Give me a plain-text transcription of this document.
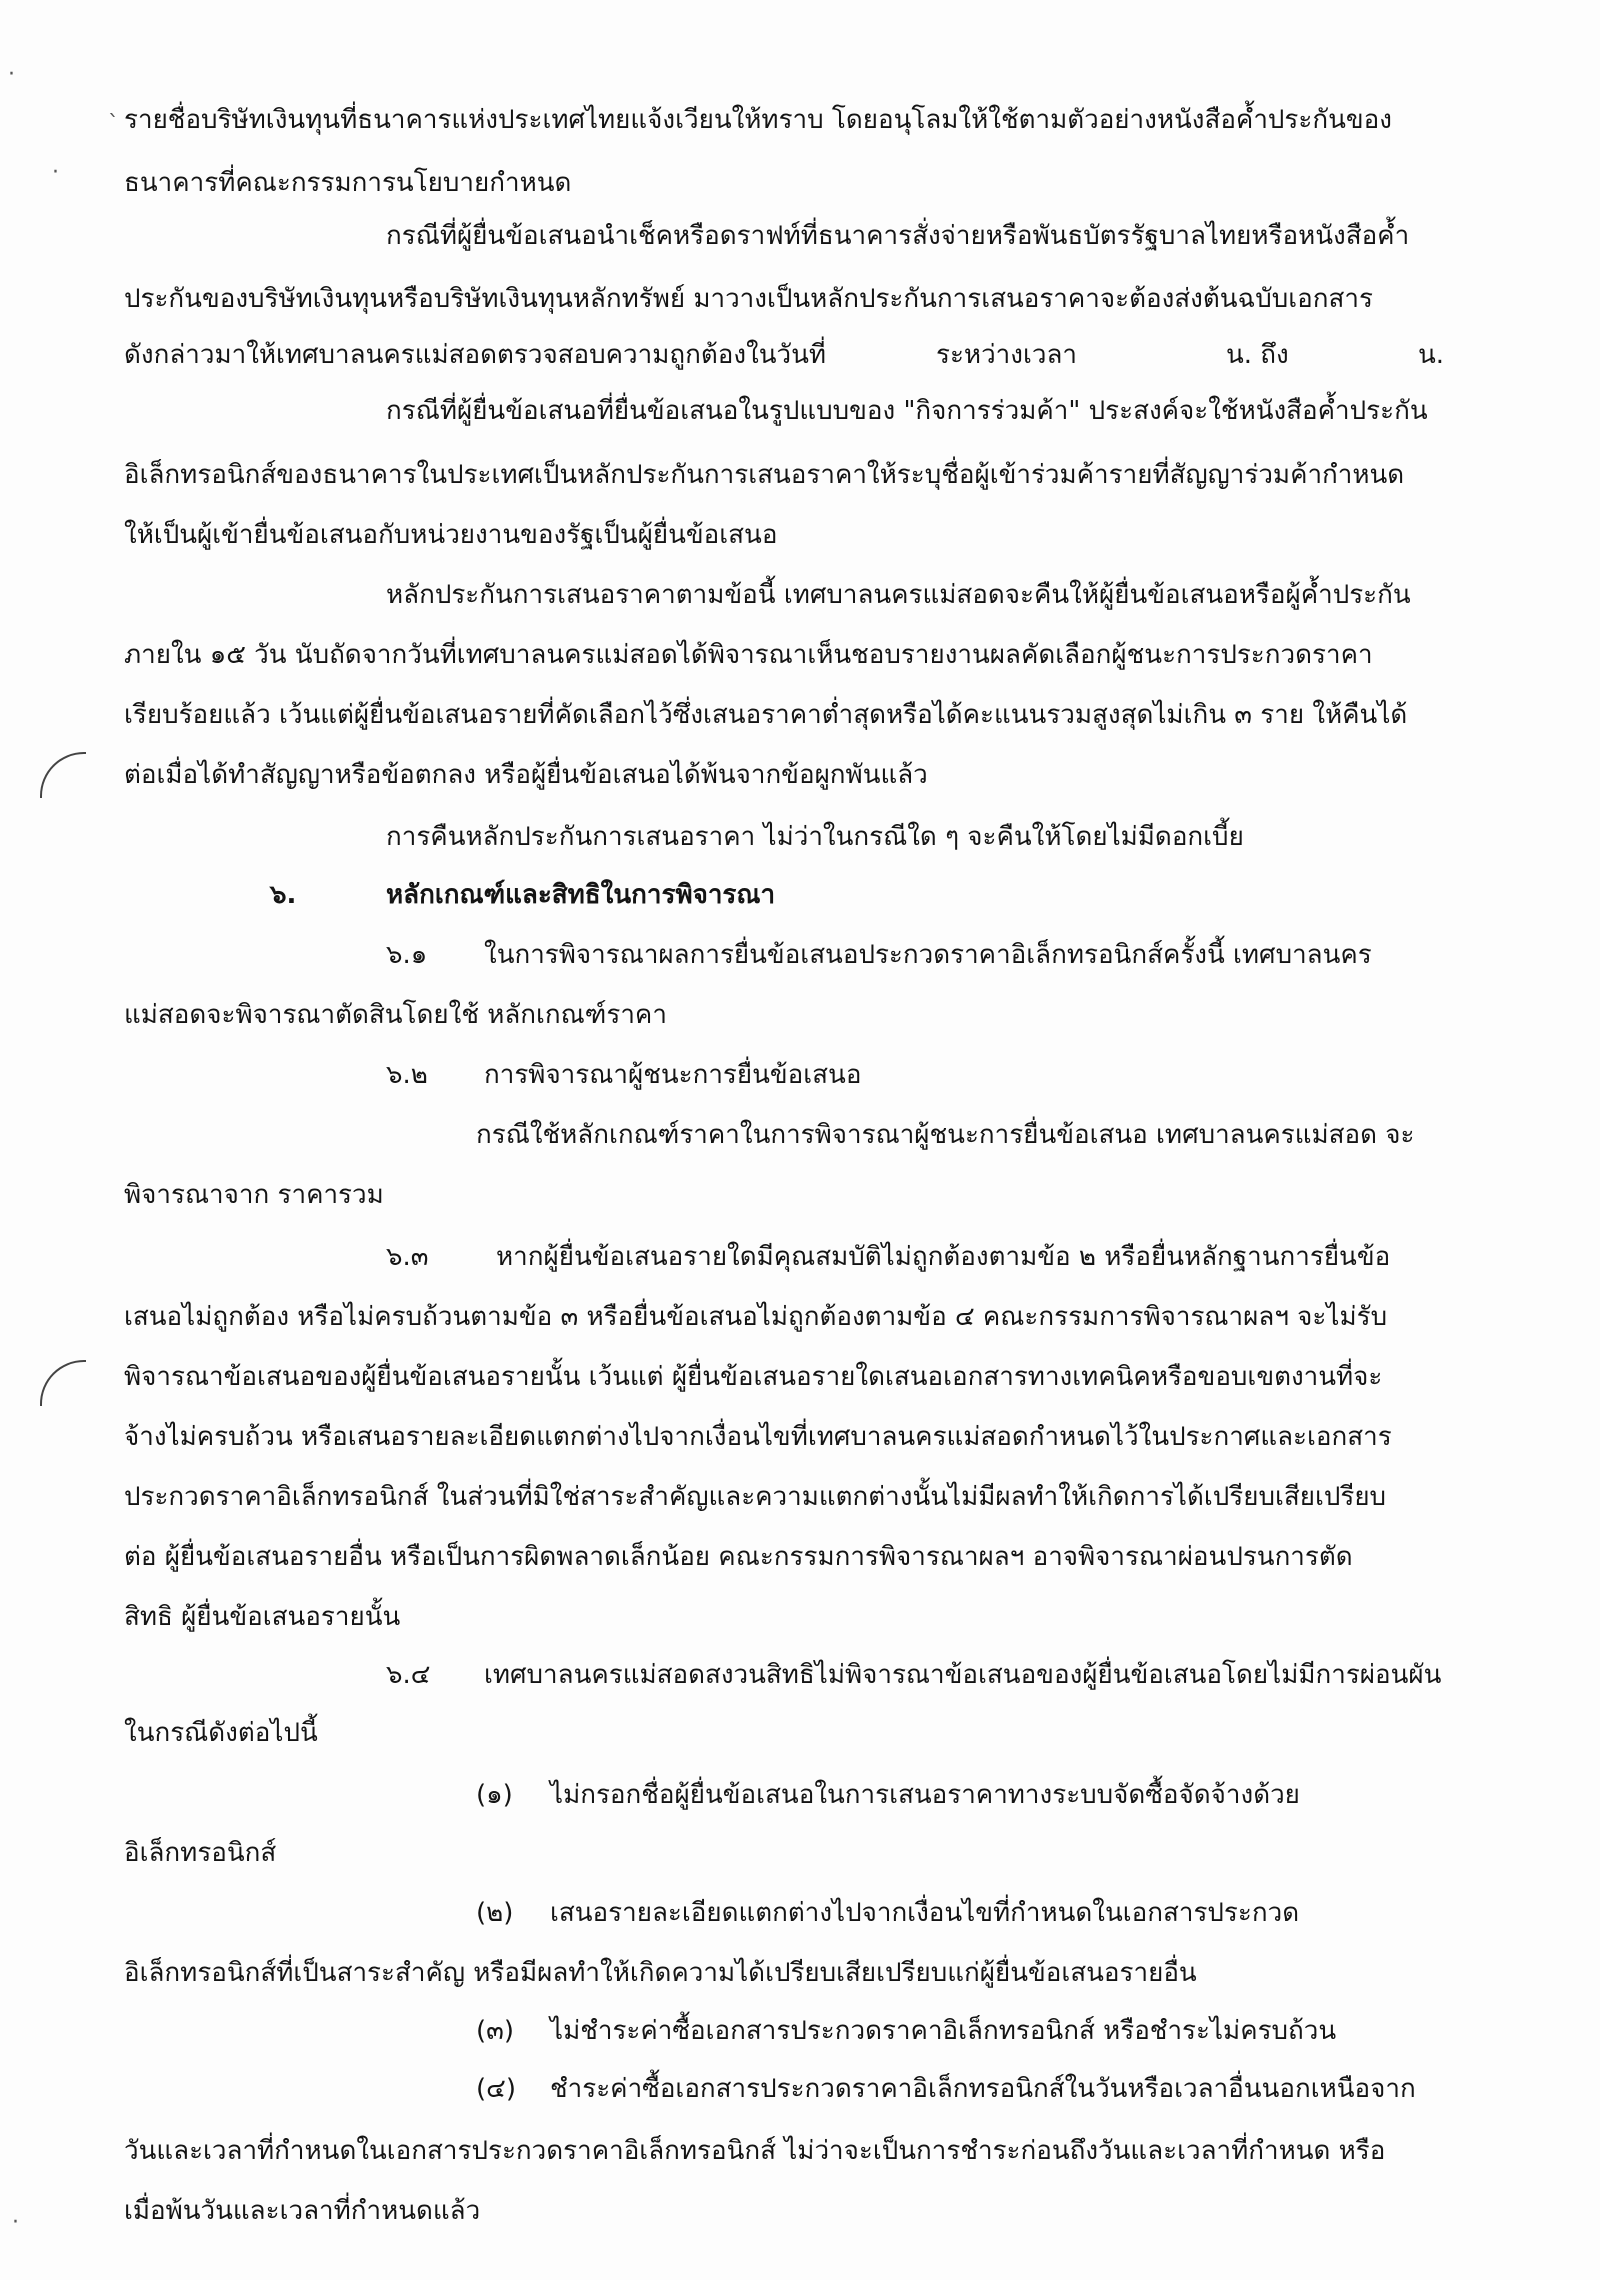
·
`
·
·
รายชื่อบริษัทเงินทุนที่ธนาคารแห่งประเทศไทยแจ้งเวียนให้ทราบ โดยอนุโลมให้ใช้ตามตัวอย่างหนังสือค้ำประกันของ
ธนาคารที่คณะกรรมการนโยบายกำหนด
กรณีที่ผู้ยื่นข้อเสนอนำเช็คหรือดราฟท์ที่ธนาคารสั่งจ่ายหรือพันธบัตรรัฐบาลไทยหรือหนังสือค้ำ
ประกันของบริษัทเงินทุนหรือบริษัทเงินทุนหลักทรัพย์ มาวางเป็นหลักประกันการเสนอราคาจะต้องส่งต้นฉบับเอกสาร
ดังกล่าวมาให้เทศบาลนครแม่สอดตรวจสอบความถูกต้องในวันที่	ระหว่างเวลา	น. ถึง	น.
กรณีที่ผู้ยื่นข้อเสนอที่ยื่นข้อเสนอในรูปแบบของ "กิจการร่วมค้า" ประสงค์จะใช้หนังสือค้ำประกัน
อิเล็กทรอนิกส์ของธนาคารในประเทศเป็นหลักประกันการเสนอราคาให้ระบุชื่อผู้เข้าร่วมค้ารายที่สัญญาร่วมค้ากำหนด
ให้เป็นผู้เข้ายื่นข้อเสนอกับหน่วยงานของรัฐเป็นผู้ยื่นข้อเสนอ
หลักประกันการเสนอราคาตามข้อนี้ เทศบาลนครแม่สอดจะคืนให้ผู้ยื่นข้อเสนอหรือผู้ค้ำประกัน
ภายใน ๑๕ วัน นับถัดจากวันที่เทศบาลนครแม่สอดได้พิจารณาเห็นชอบรายงานผลคัดเลือกผู้ชนะการประกวดราคา
เรียบร้อยแล้ว เว้นแต่ผู้ยื่นข้อเสนอรายที่คัดเลือกไว้ซึ่งเสนอราคาต่ำสุดหรือได้คะแนนรวมสูงสุดไม่เกิน ๓ ราย ให้คืนได้
ต่อเมื่อได้ทำสัญญาหรือข้อตกลง หรือผู้ยื่นข้อเสนอได้พ้นจากข้อผูกพันแล้ว
การคืนหลักประกันการเสนอราคา ไม่ว่าในกรณีใด ๆ จะคืนให้โดยไม่มีดอกเบี้ย
๖.	หลักเกณฑ์และสิทธิในการพิจารณา
๖.๑ ในการพิจารณาผลการยื่นข้อเสนอประกวดราคาอิเล็กทรอนิกส์ครั้งนี้ เทศบาลนคร
แม่สอดจะพิจารณาตัดสินโดยใช้ หลักเกณฑ์ราคา
๖.๒ การพิจารณาผู้ชนะการยื่นข้อเสนอ
กรณีใช้หลักเกณฑ์ราคาในการพิจารณาผู้ชนะการยื่นข้อเสนอ เทศบาลนครแม่สอด จะ
พิจารณาจาก ราคารวม
๖.๓	หากผู้ยื่นข้อเสนอรายใดมีคุณสมบัติไม่ถูกต้องตามข้อ ๒ หรือยื่นหลักฐานการยื่นข้อ
เสนอไม่ถูกต้อง หรือไม่ครบถ้วนตามข้อ ๓ หรือยื่นข้อเสนอไม่ถูกต้องตามข้อ ๔ คณะกรรมการพิจารณาผลฯ จะไม่รับ
พิจารณาข้อเสนอของผู้ยื่นข้อเสนอรายนั้น เว้นแต่ ผู้ยื่นข้อเสนอรายใดเสนอเอกสารทางเทคนิคหรือขอบเขตงานที่จะ
จ้างไม่ครบถ้วน หรือเสนอรายละเอียดแตกต่างไปจากเงื่อนไขที่เทศบาลนครแม่สอดกำหนดไว้ในประกาศและเอกสาร
ประกวดราคาอิเล็กทรอนิกส์ ในส่วนที่มิใช่สาระสำคัญและความแตกต่างนั้นไม่มีผลทำให้เกิดการได้เปรียบเสียเปรียบ
ต่อ ผู้ยื่นข้อเสนอรายอื่น หรือเป็นการผิดพลาดเล็กน้อย คณะกรรมการพิจารณาผลฯ อาจพิจารณาผ่อนปรนการตัด
สิทธิ ผู้ยื่นข้อเสนอรายนั้น
๖.๔ เทศบาลนครแม่สอดสงวนสิทธิไม่พิจารณาข้อเสนอของผู้ยื่นข้อเสนอโดยไม่มีการผ่อนผัน
ในกรณีดังต่อไปนี้
(๑) ไม่กรอกชื่อผู้ยื่นข้อเสนอในการเสนอราคาทางระบบจัดซื้อจัดจ้างด้วย
อิเล็กทรอนิกส์
(๒) เสนอรายละเอียดแตกต่างไปจากเงื่อนไขที่กำหนดในเอกสารประกวด
อิเล็กทรอนิกส์ที่เป็นสาระสำคัญ หรือมีผลทำให้เกิดความได้เปรียบเสียเปรียบแก่ผู้ยื่นข้อเสนอรายอื่น
(๓) ไม่ชำระค่าซื้อเอกสารประกวดราคาอิเล็กทรอนิกส์ หรือชำระไม่ครบถ้วน
(๔) ชำระค่าซื้อเอกสารประกวดราคาอิเล็กทรอนิกส์ในวันหรือเวลาอื่นนอกเหนือจาก
วันและเวลาที่กำหนดในเอกสารประกวดราคาอิเล็กทรอนิกส์ ไม่ว่าจะเป็นการชำระก่อนถึงวันและเวลาที่กำหนด หรือ
เมื่อพ้นวันและเวลาที่กำหนดแล้ว
